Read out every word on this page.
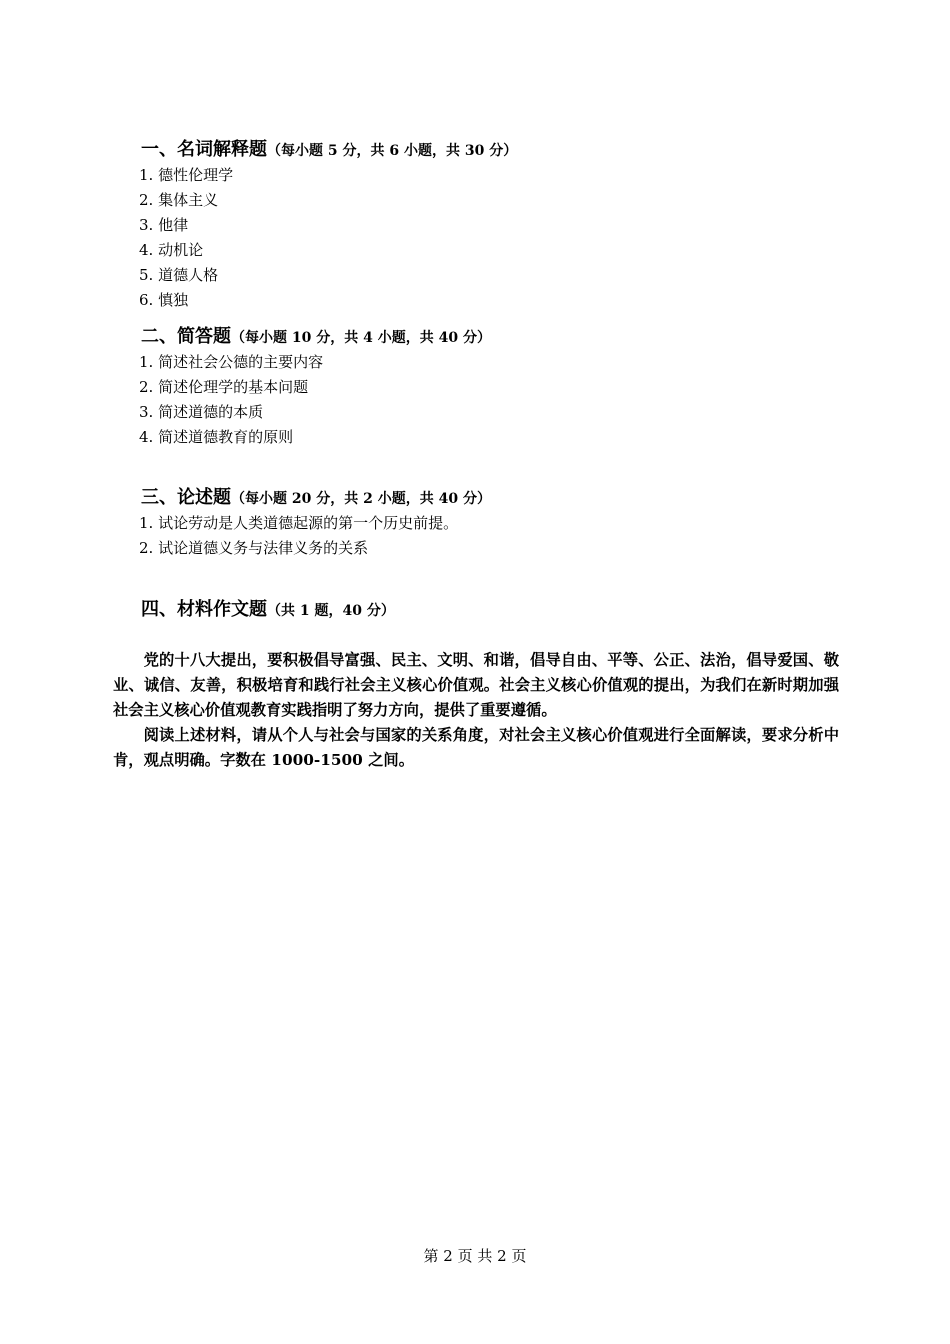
一、名词解释题（每小题 5 分，共 6 小题，共 30 分）
1. 德性伦理学
2. 集体主义
3. 他律
4. 动机论
5. 道德人格
6. 慎独
二、简答题（每小题 10 分，共 4 小题，共 40 分）
1. 简述社会公德的主要内容
2. 简述伦理学的基本问题
3. 简述道德的本质
4. 简述道德教育的原则
三、论述题（每小题 20 分，共 2 小题，共 40 分）
1. 试论劳动是人类道德起源的第一个历史前提。
2. 试论道德义务与法律义务的关系
四、材料作文题（共 1 题，40 分）

党的十八大提出，要积极倡导富强、民主、文明、和谐，倡导自由、平等、公正、法治，倡导爱国、敬业、诚信、友善，积极培育和践行社会主义核心价值观。社会主义核心价值观的提出，为我们在新时期加强社会主义核心价值观教育实践指明了努力方向，提供了重要遵循。

阅读上述材料，请从个人与社会与国家的关系角度，对社会主义核心价值观进行全面解读，要求分析中肯，观点明确。字数在 1000-1500 之间。

第 2 页 共 2 页
